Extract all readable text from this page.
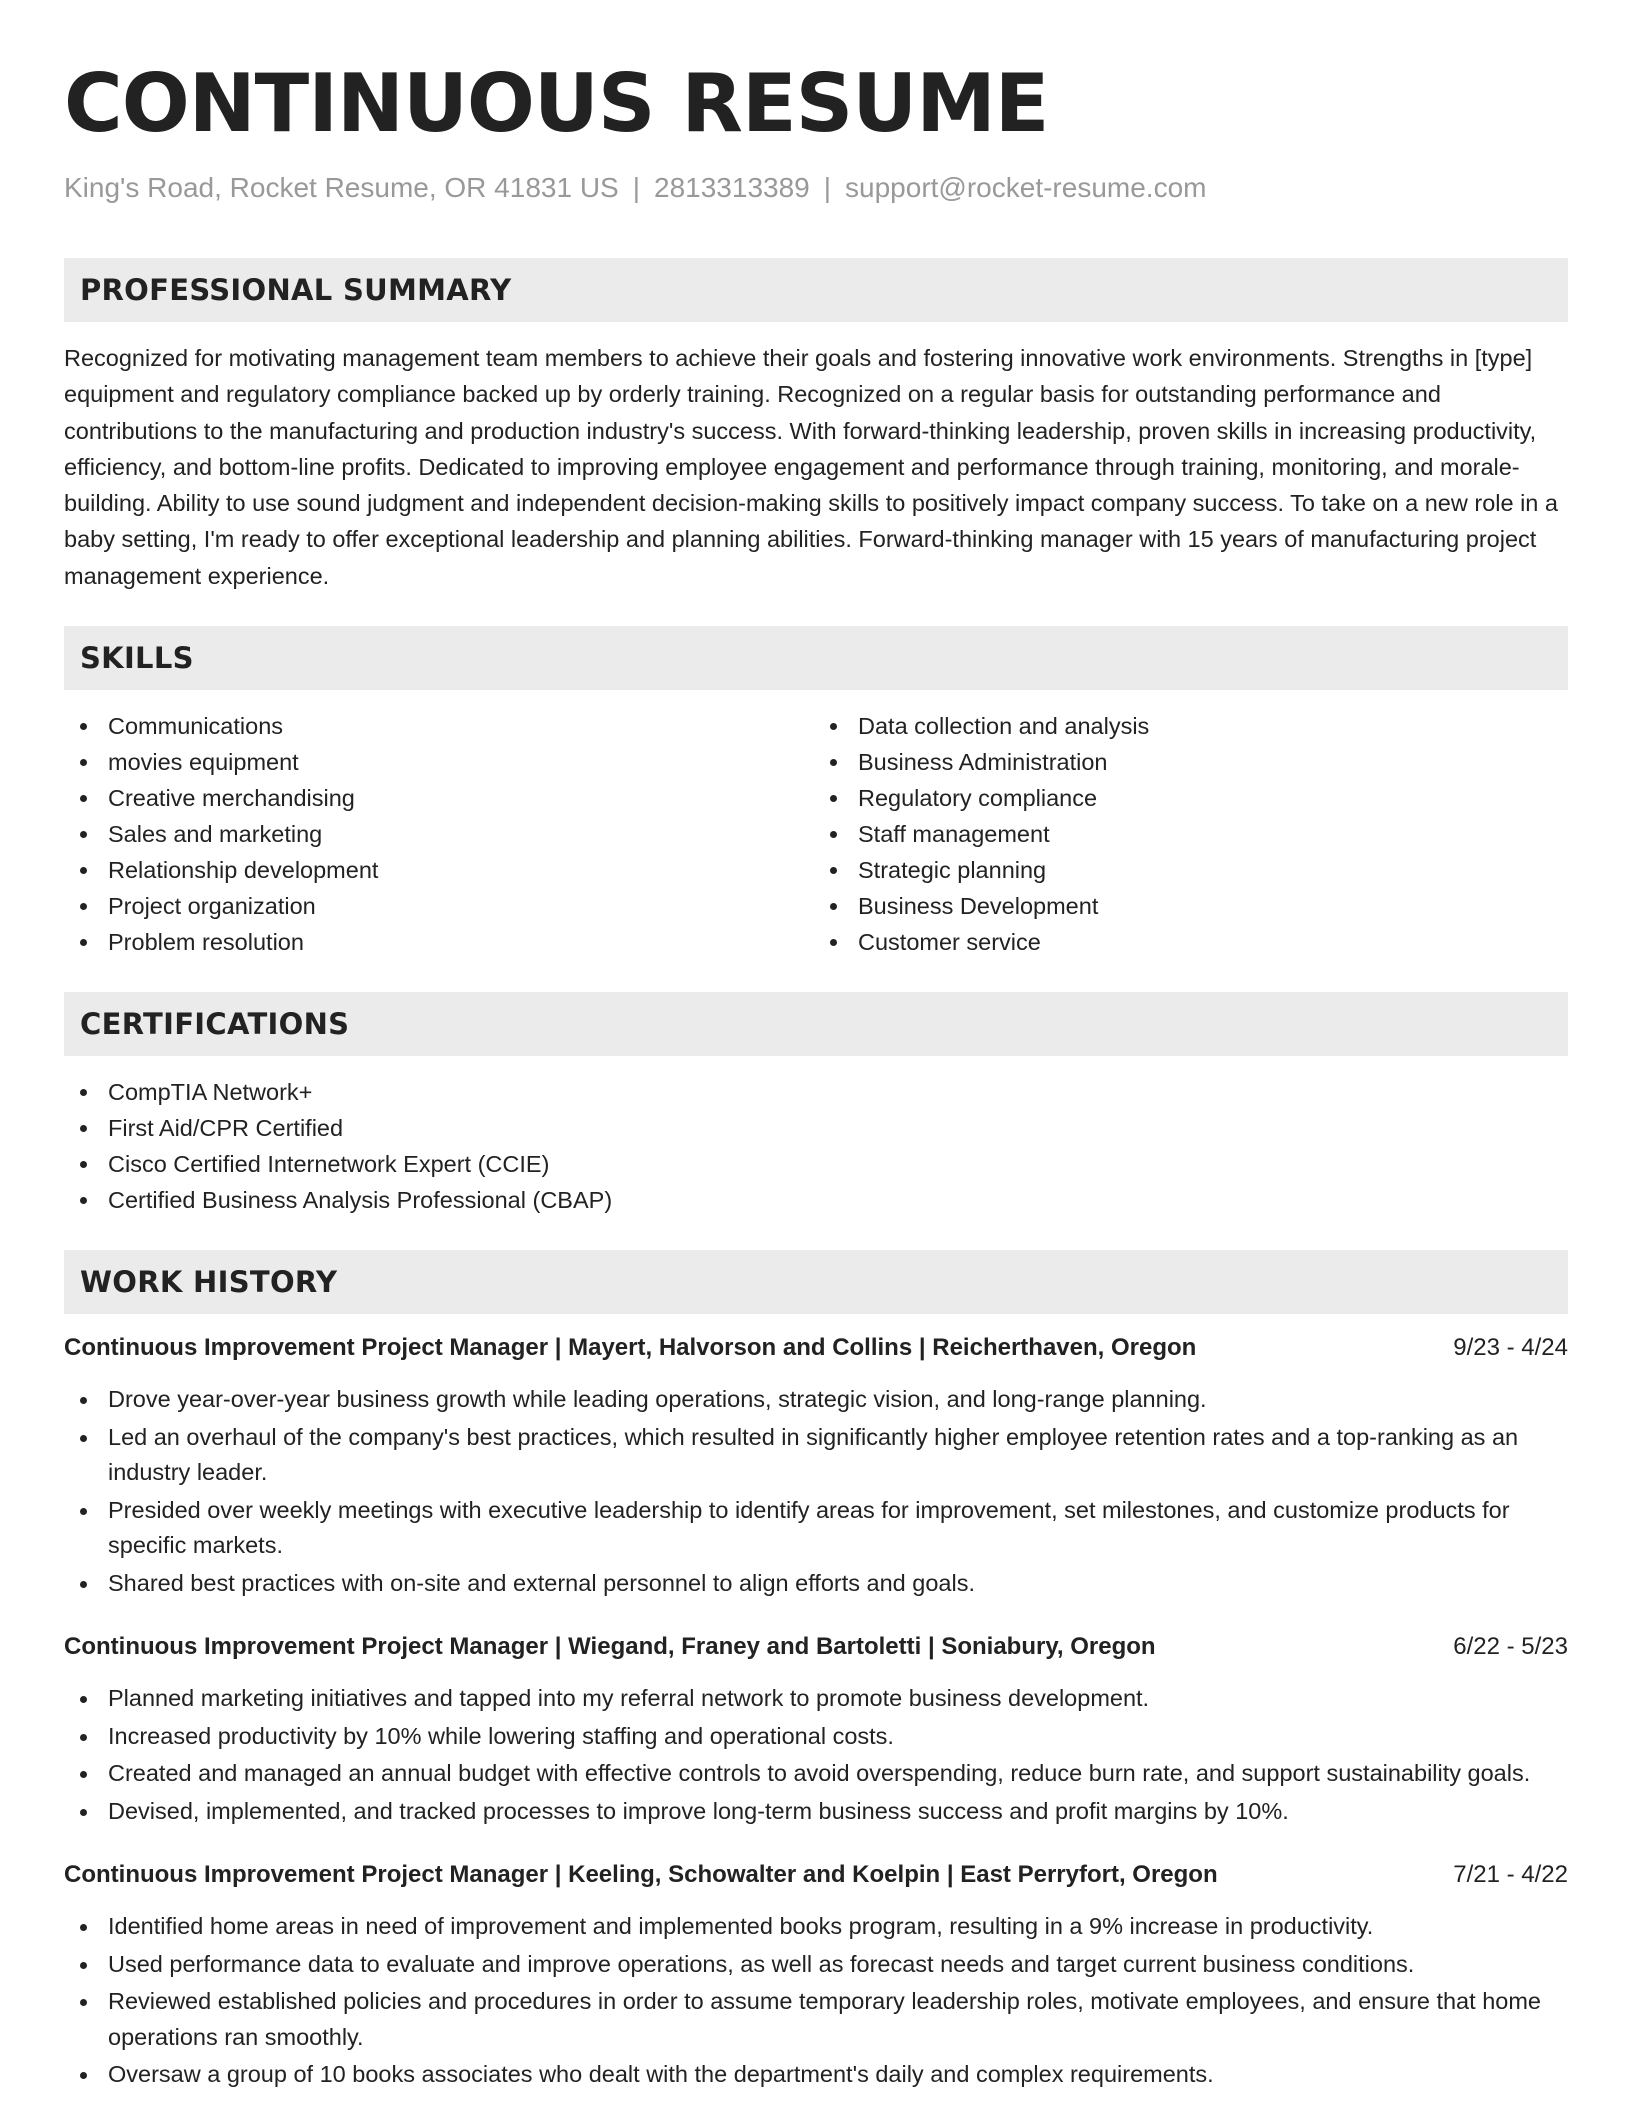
CONTINUOUS RESUME
King's Road, Rocket Resume, OR 41831 US | 2813313389 | support@rocket-resume.com
PROFESSIONAL SUMMARY

Recognized for motivating management team members to achieve their goals and fostering innovative work environments. Strengths in [type] equipment and regulatory compliance backed up by orderly training. Recognized on a regular basis for outstanding performance and contributions to the manufacturing and production industry's success. With forward-thinking leadership, proven skills in increasing productivity, efficiency, and bottom-line profits. Dedicated to improving employee engagement and performance through training, monitoring, and morale-building. Ability to use sound judgment and independent decision-making skills to positively impact company success. To take on a new role in a baby setting, I'm ready to offer exceptional leadership and planning abilities. Forward-thinking manager with 15 years of manufacturing project management experience.

SKILLS
Communications
movies equipment
Creative merchandising
Sales and marketing
Relationship development
Project organization
Problem resolution
Data collection and analysis
Business Administration
Regulatory compliance
Staff management
Strategic planning
Business Development
Customer service
CERTIFICATIONS
CompTIA Network+
First Aid/CPR Certified
Cisco Certified Internetwork Expert (CCIE)
Certified Business Analysis Professional (CBAP)
WORK HISTORY
Continuous Improvement Project Manager | Mayert, Halvorson and Collins | Reicherthaven, Oregon	9/23 - 4/24
Drove year-over-year business growth while leading operations, strategic vision, and long-range planning.
Led an overhaul of the company's best practices, which resulted in significantly higher employee retention rates and a top-ranking as an industry leader.
Presided over weekly meetings with executive leadership to identify areas for improvement, set milestones, and customize products for specific markets.
Shared best practices with on-site and external personnel to align efforts and goals.
Continuous Improvement Project Manager | Wiegand, Franey and Bartoletti | Soniabury, Oregon	6/22 - 5/23
Planned marketing initiatives and tapped into my referral network to promote business development.
Increased productivity by 10% while lowering staffing and operational costs.
Created and managed an annual budget with effective controls to avoid overspending, reduce burn rate, and support sustainability goals.
Devised, implemented, and tracked processes to improve long-term business success and profit margins by 10%.
Continuous Improvement Project Manager | Keeling, Schowalter and Koelpin | East Perryfort, Oregon	7/21 - 4/22
Identified home areas in need of improvement and implemented books program, resulting in a 9% increase in productivity.
Used performance data to evaluate and improve operations, as well as forecast needs and target current business conditions.
Reviewed established policies and procedures in order to assume temporary leadership roles, motivate employees, and ensure that home operations ran smoothly.
Oversaw a group of 10 books associates who dealt with the department's daily and complex requirements.
